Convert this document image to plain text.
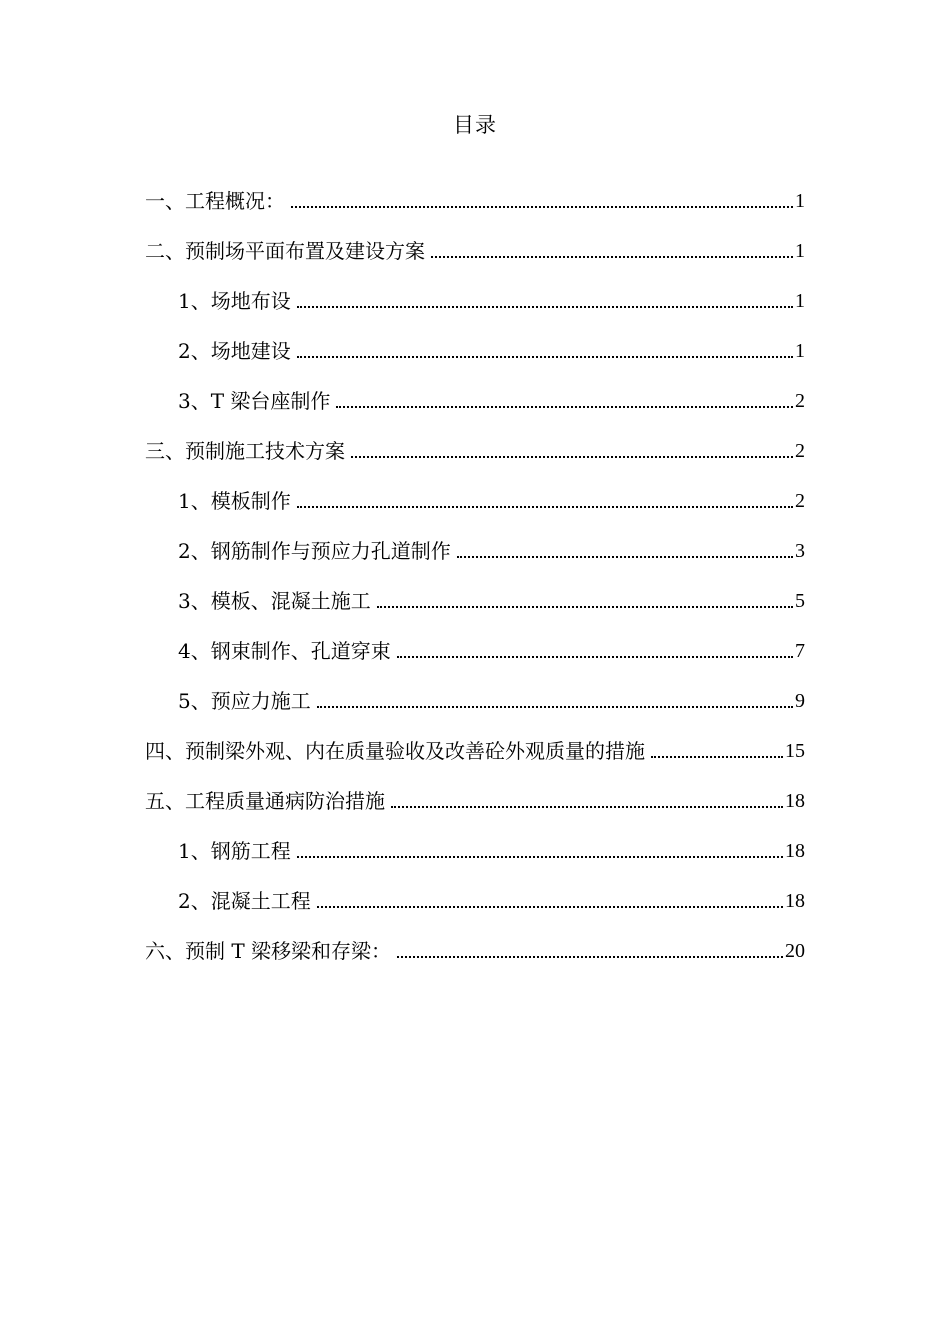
目录
一、工程概况：	1
二、预制场平面布置及建设方案	1
1、场地布设	1
2、场地建设	1
3、T 梁台座制作	2
三、预制施工技术方案	2
1、模板制作	2
2、钢筋制作与预应力孔道制作	3
3、模板、混凝土施工	5
4、钢束制作、孔道穿束	7
5、预应力施工	9
四、预制梁外观、内在质量验收及改善砼外观质量的措施	15
五、工程质量通病防治措施	18
1、钢筋工程	18
2、混凝土工程	18
六、预制 T 梁移梁和存梁：	20
